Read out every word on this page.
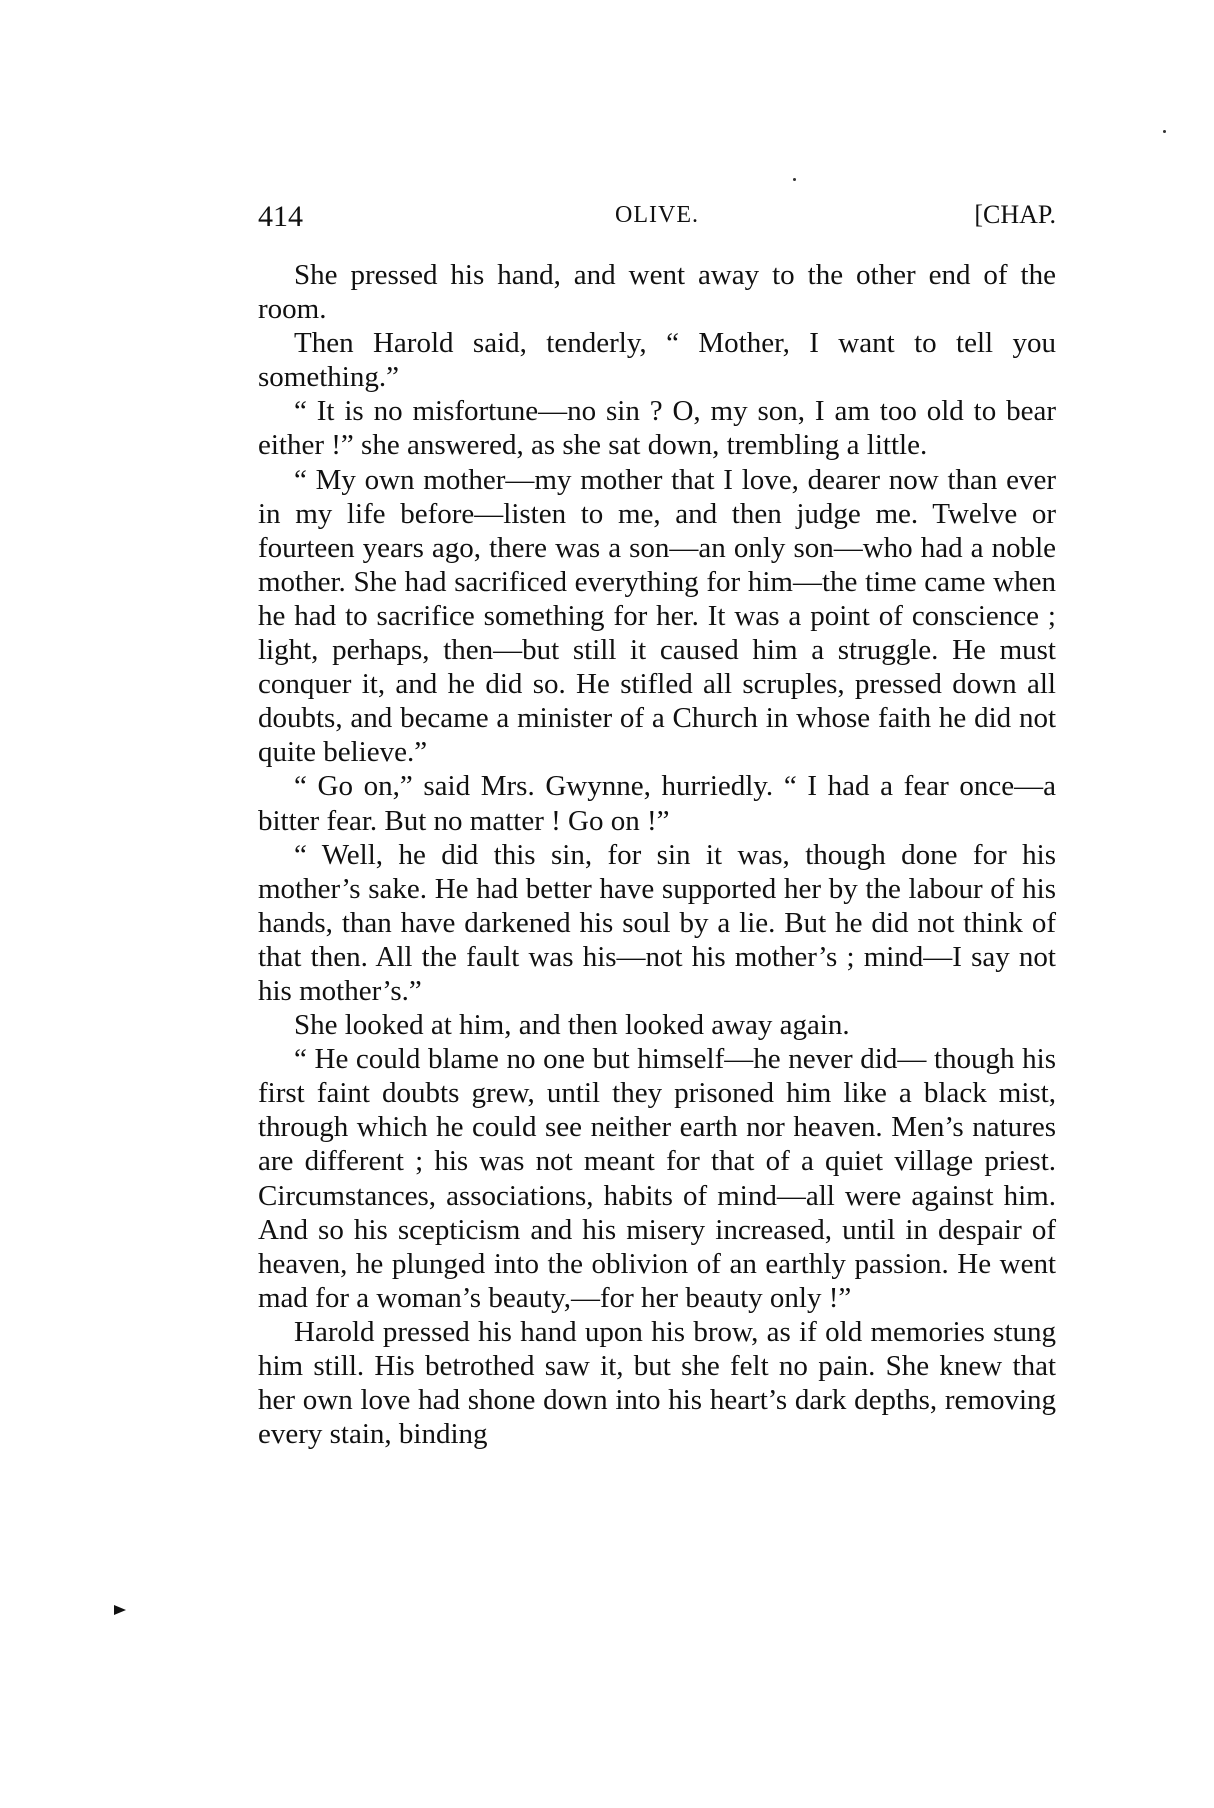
414	OLIVE.	[CHAP.

She pressed his hand, and went away to the other end of the room.

Then Harold said, tenderly, “ Mother, I want to tell you something.”

“ It is no misfortune—no sin ? O, my son, I am too old to bear either !” she answered, as she sat down, trembling a little.

“ My own mother—my mother that I love, dearer now than ever in my life before—listen to me, and then judge me. Twelve or fourteen years ago, there was a son—an only son—who had a noble mother. She had sacrificed everything for him—the time came when he had to sacrifice something for her. It was a point of conscience ; light, perhaps, then—but still it caused him a struggle. He must conquer it, and he did so. He stifled all scruples, pressed down all doubts, and became a minister of a Church in whose faith he did not quite believe.”

“ Go on,” said Mrs. Gwynne, hurriedly. “ I had a fear once—a bitter fear. But no matter ! Go on !”

“ Well, he did this sin, for sin it was, though done for his mother’s sake. He had better have supported her by the labour of his hands, than have darkened his soul by a lie. But he did not think of that then. All the fault was his—not his mother’s ; mind—I say not his mother’s.”

She looked at him, and then looked away again.

“ He could blame no one but himself—he never did— though his first faint doubts grew, until they prisoned him like a black mist, through which he could see neither earth nor heaven. Men’s natures are different ; his was not meant for that of a quiet village priest. Circumstances, associations, habits of mind—all were against him. And so his scepticism and his misery increased, until in despair of heaven, he plunged into the oblivion of an earthly passion. He went mad for a woman’s beauty,—for her beauty only !”

Harold pressed his hand upon his brow, as if old memories stung him still. His betrothed saw it, but she felt no pain. She knew that her own love had shone down into his heart’s dark depths, removing every stain, binding
